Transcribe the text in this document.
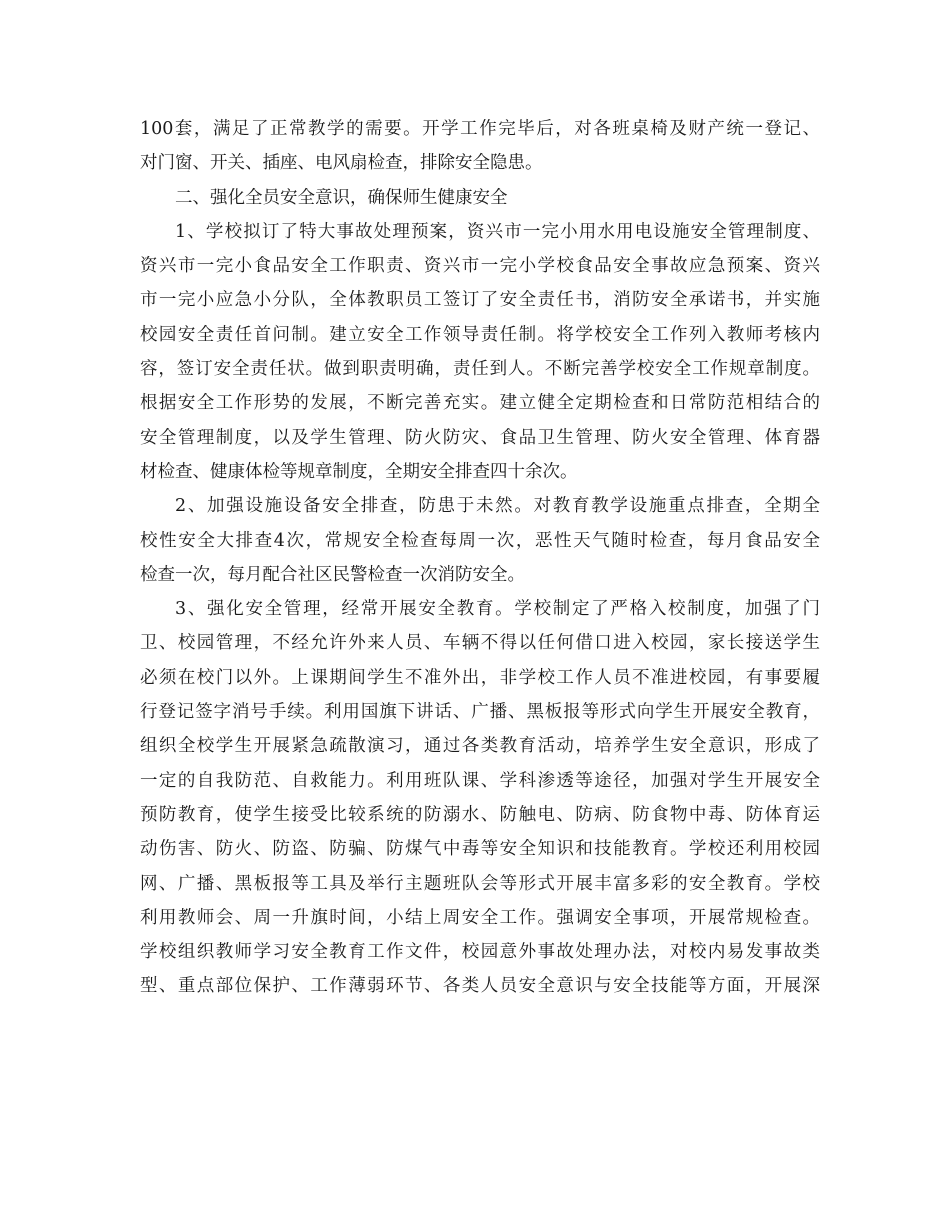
100套，满足了正常教学的需要。开学工作完毕后，对各班桌椅及财产统一登记、
对门窗、开关、插座、电风扇检查，排除安全隐患。
二、强化全员安全意识，确保师生健康安全
1、学校拟订了特大事故处理预案，资兴市一完小用水用电设施安全管理制度、
资兴市一完小食品安全工作职责、资兴市一完小学校食品安全事故应急预案、资兴
市一完小应急小分队，全体教职员工签订了安全责任书，消防安全承诺书，并实施
校园安全责任首问制。建立安全工作领导责任制。将学校安全工作列入教师考核内
容，签订安全责任状。做到职责明确，责任到人。不断完善学校安全工作规章制度。
根据安全工作形势的发展，不断完善充实。建立健全定期检查和日常防范相结合的
安全管理制度，以及学生管理、防火防灾、食品卫生管理、防火安全管理、体育器
材检查、健康体检等规章制度，全期安全排查四十余次。
2、加强设施设备安全排查，防患于未然。对教育教学设施重点排查，全期全
校性安全大排查4次，常规安全检查每周一次，恶性天气随时检查，每月食品安全
检查一次，每月配合社区民警检查一次消防安全。
3、强化安全管理，经常开展安全教育。学校制定了严格入校制度，加强了门
卫、校园管理，不经允许外来人员、车辆不得以任何借口进入校园，家长接送学生
必须在校门以外。上课期间学生不准外出，非学校工作人员不准进校园，有事要履
行登记签字消号手续。利用国旗下讲话、广播、黑板报等形式向学生开展安全教育，
组织全校学生开展紧急疏散演习，通过各类教育活动，培养学生安全意识，形成了
一定的自我防范、自救能力。利用班队课、学科渗透等途径，加强对学生开展安全
预防教育，使学生接受比较系统的防溺水、防触电、防病、防食物中毒、防体育运
动伤害、防火、防盗、防骗、防煤气中毒等安全知识和技能教育。学校还利用校园
网、广播、黑板报等工具及举行主题班队会等形式开展丰富多彩的安全教育。学校
利用教师会、周一升旗时间，小结上周安全工作。强调安全事项，开展常规检查。
学校组织教师学习安全教育工作文件，校园意外事故处理办法，对校内易发事故类
型、重点部位保护、工作薄弱环节、各类人员安全意识与安全技能等方面，开展深
